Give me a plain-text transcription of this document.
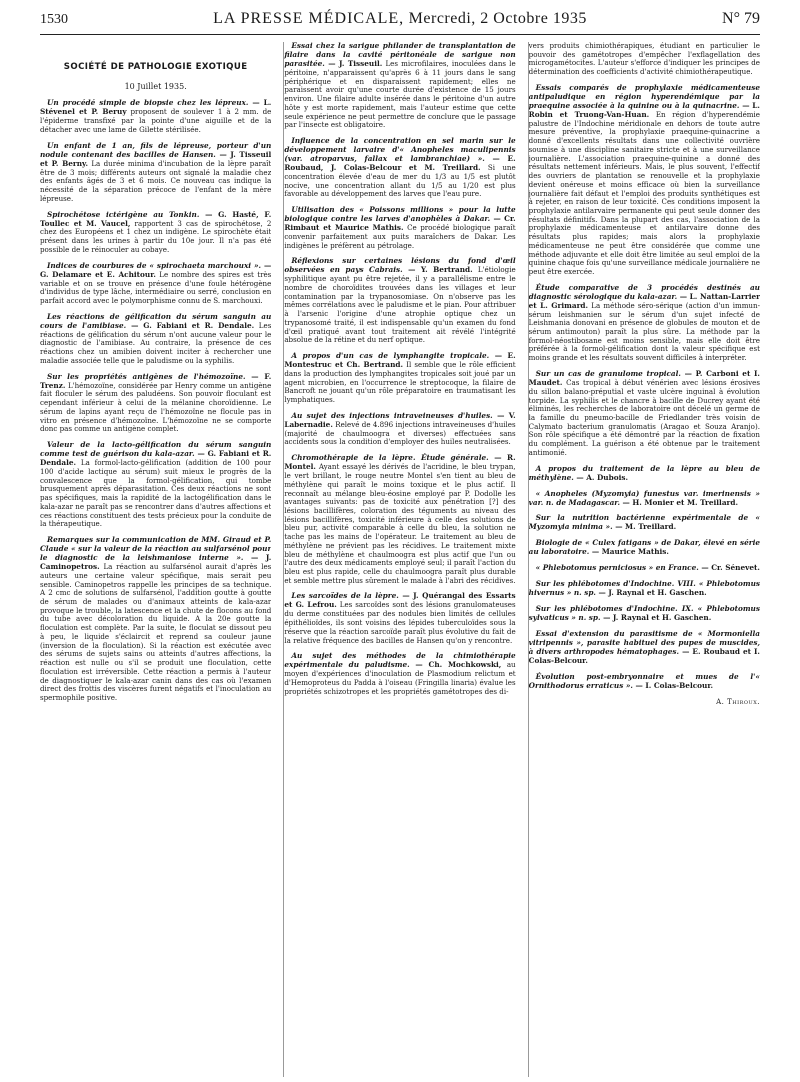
1530	LA PRESSE MÉDICALE, Mercredi, 2 Octobre 1935	N° 79
SOCIÉTÉ DE PATHOLOGIE EXOTIQUE
10 Juillet 1935.

Un procédé simple de biopsie chez les lépreux. — L. Stévenel et P. Beruy proposent de soulever 1 à 2 mm. de l'épiderme transfixé par la pointe d'une aiguille et de la détacher avec une lame de Gilette stérilisée.

Un enfant de 1 an, fils de lépreuse, porteur d'un nodule contenant des bacilles de Hansen. — J. Tisseuil et P. Berny. La durée minima d'incubation de la lèpre paraît être de 3 mois; différents auteurs ont signalé la maladie chez des enfants âgés de 3 et 6 mois. Ce nouveau cas indique la nécessité de la séparation précoce de l'enfant de la mère lépreuse.

Spirochétose ictérigène au Tonkin. — G. Hasté, F. Toullec et M. Vaucel, rapportent 3 cas de spirochétose, 2 chez des Européens et 1 chez un indigène. Le spirochète était présent dans les urines à partir du 10e jour. Il n'a pas été possible de le réinoculer au cobaye.

Indices de courbures de « spirochaeta marchouxi ». — G. Delamare et E. Achitour. Le nombre des spires est très variable et on se trouve en présence d'une foule hétérogène d'individus de type lâche, intermédiaire ou serré, conclusion en parfait accord avec le polymorphisme connu de S. marchouxi.

Les réactions de gélification du sérum sanguin au cours de l'amibiase. — G. Fabiani et R. Dendale. Les réactions de gélification du sérum n'ont aucune valeur pour le diagnostic de l'amibiase. Au contraire, la présence de ces réactions chez un amibien doivent inciter à rechercher une maladie associée telle que le paludisme ou la syphilis.

Sur les propriétés antigènes de l'hémozoïne. — F. Trenz. L'hémozoïne, considérée par Henry comme un antigène fait floculer le sérum des paludéens. Son pouvoir floculant est cependant inférieur à celui de la mélanine choroïdienne. Le sérum de lapins ayant reçu de l'hémozoïne ne flocule pas in vitro en présence d'hémozoïne. L'hémozoïne ne se comporte donc pas comme un antigène complet.

Valeur de la lacto-gélification du sérum sanguin comme test de guérison du kala-azar. — G. Fabiani et R. Dendale. La formol-lacto-gélification (addition de 100 pour 100 d'acide lactique au sérum) suit mieux le progrès de la convalescence que la formol-gélification, qui tombe brusquement après déparasitation. Ces deux réactions ne sont pas spécifiques, mais la rapidité de la lactogélification dans le kala-azar ne paraît pas se rencontrer dans d'autres affections et ces réactions constituent des tests précieux pour la conduite de la thérapeutique.

Remarques sur la communication de MM. Giraud et P. Claude « sur la valeur de la réaction au sulfarsénol pour le diagnostic de la leishmaniose interne ». — J. Caminopetros. La réaction au sulfarsénol aurait d'après les auteurs une certaine valeur spécifique, mais serait peu sensible. Caminopetros rappelle les principes de sa technique. A 2 cmc de solutions de sulfarsénol, l'addition goutte à goutte de sérum de malades ou d'animaux atteints de kala-azar provoque le trouble, la latescence et la chute de flocons au fond du tube avec décoloration du liquide. A la 20e goutte la floculation est complète. Par la suite, le floculat se dissout peu à peu, le liquide s'éclaircit et reprend sa couleur jaune (inversion de la floculation). Si la réaction est exécutée avec des sérums de sujets sains ou atteints d'autres affections, la réaction est nulle ou s'il se produit une floculation, cette floculation est irréversible. Cette réaction a permis à l'auteur de diagnostiquer le kala-azar canin dans des cas où l'examen direct des frottis des viscères furent négatifs et l'inoculation au spermophile positive.

Essai chez la sarigue philander de transplantation de filaire dans la cavité péritonéale de sarigue non parasitée. — J. Tisseuil. Les microfilaires, inoculées dans le péritoine, n'apparaissent qu'après 6 à 11 jours dans le sang périphérique et en disparaissent rapidement; elles ne paraissent avoir qu'une courte durée d'existence de 15 jours environ. Une filaire adulte insérée dans le péritoine d'un autre hôte y est morte rapidement, mais l'auteur estime que cette seule expérience ne peut permettre de conclure que le passage par l'insecte est obligatoire.

Influence de la concentration en sel marin sur le développement larvaire d'« Anopheles maculipennis (var. atroparvus, fallax et lambranchiae) ». — E. Roubaud, J. Colas-Belcour et M. Treillard. Si une concentration élevée d'eau de mer du 1/3 au 1/5 est plutôt nocive, une concentration allant du 1/5 au 1/20 est plus favorable au développement des larves que l'eau pure.

Utilisation des « Poissons millions » pour la lutte biologique contre les larves d'anophèles à Dakar. — Cr. Rimbaut et Maurice Mathis. Ce procédé biologique paraît convenir parfaitement aux puits maraîchers de Dakar. Les indigènes le préfèrent au pétrolage.

Réflexions sur certaines lésions du fond d'œil observées en pays Cabrais. — Y. Bertrand. L'étiologie syphilitique ayant pu être rejetée, il y a parallélisme entre le nombre de choroïdites trouvées dans les villages et leur contamination par la trypanosomiase. On n'observe pas les mêmes corrélations avec le paludisme et le pian. Pour attribuer à l'arsenic l'origine d'une atrophie optique chez un trypanosomé traité, il est indispensable qu'un examen du fond d'œil pratiqué avant tout traitement ait révélé l'intégrité absolue de la rétine et du nerf optique.

A propos d'un cas de lymphangite tropicale. — E. Montestruc et Ch. Bertrand. Il semble que le rôle efficient dans la production des lymphangites tropicales soit joué par un agent microbien, en l'occurrence le streptocoque, la filaire de Bancroft ne jouant qu'un rôle préparatoire en traumatisant les lymphatiques.

Au sujet des injections intraveineuses d'huiles. — V. Labernadie. Relevé de 4.896 injections intraveineuses d'huiles (majorité de chaulmoogra et diverses) effectuées sans accidents sous la condition d'employer des huiles neutralisées.

Chromothérapie de la lèpre. Étude générale. — R. Montel. Ayant essayé les dérivés de l'acridine, le bleu trypan, le vert brillant, le rouge neutre Montel s'en tient au bleu de méthylène qui paraît le moins toxique et le plus actif. Il reconnaît au mélange bleu-éosine employé par P. Dodolle les avantages suivants: pas de toxicité aux pénétration [?] des lésions bacillifères, coloration des téguments au niveau des lésions bacillifères, toxicité inférieure à celle des solutions de bleu pur, activité comparable à celle du bleu, la solution ne tache pas les mains de l'opérateur. Le traitement au bleu de méthylène ne prévient pas les récidives. Le traitement mixte bleu de méthylène et chaulmoogra est plus actif que l'un ou l'autre des deux médicaments employé seul; il paraît l'action du bleu est plus rapide, celle du chaulmoogra paraît plus durable et semble mettre plus sûrement le malade à l'abri des récidives.

Les sarcoïdes de la lèpre. — J. Quérangal des Essarts et G. Lefrou. Les sarcoïdes sont des lésions granulomateuses du derme constituées par des nodules bien limités de cellules épithélioïdes, ils sont voisins des lépides tuberculoïdes sous la réserve que la réaction sarcoïde paraît plus évolutive du fait de la relative fréquence des bacilles de Hansen qu'on y rencontre.

Au sujet des méthodes de la chimiothérapie expérimentale du paludisme. — Ch. Mochkowski, au moyen d'expériences d'inoculation de Plasmodium relictum et d'Hemoproteus du Padda à l'oiseau (Fringilla linaria) évalue les propriétés schizotropes et les propriétés gamétotropes des di-

vers produits chimiothérapiques, étudiant en particulier le pouvoir des gamétotropes d'empêcher l'exflagellation des microgamétocites. L'auteur s'efforce d'indiquer les principes de détermination des coefficients d'activité chimiothérapeutique.

Essais comparés de prophylaxie médicamenteuse antipaludique en région hyperendémique par la praequine associée à la quinine ou à la quinacrine. — L. Robin et Truong-Van-Huan. En région d'hyperendémie palustre de l'Indochine méridionale en dehors de toute autre mesure préventive, la prophylaxie praequine-quinacrine a donné d'excellents résultats dans une collectivité ouvrière soumise à une discipline sanitaire stricte et à une surveillance journalière. L'association praequine-quinine a donné des résultats nettement inférieurs. Mais, le plus souvent, l'effectif des ouvriers de plantation se renouvelle et la prophylaxie devient onéreuse et moins efficace où bien la surveillance journalière fait défaut et l'emploi des produits synthétiques est à rejeter, en raison de leur toxicité. Ces conditions imposent la prophylaxie antilarvaire permanente qui peut seule donner des résultats définitifs. Dans la plupart des cas, l'association de la prophylaxie médicamenteuse et antilarvaire donne des résultats plus rapides; mais alors la prophylaxie médicamenteuse ne peut être considérée que comme une méthode adjuvante et elle doit être limitée au seul emploi de la quinine chaque fois qu'une surveillance médicale journalière ne peut être exercée.

Étude comparative de 3 procédés destinés au diagnostic sérologique du kala-azar. — L. Nattan-Larrier et L. Grimard. La méthode séro-sérique (action d'un immun-sérum leishmanien sur le sérum d'un sujet infecté de Leishmania donovani en présence de globules de mouton et de sérum antimouton) paraît la plus sûre. La méthode par la formol-néostibosane est moins sensible, mais elle doit être préférée à la formol-gélification dont la valeur spécifique est moins grande et les résultats souvent difficiles à interpréter.

Sur un cas de granulome tropical. — P. Carboni et I. Maudet. Cas tropical à début vénérien avec lésions érosives du sillon balano-préputial et vaste ulcère inguinal à évolution torpide. La syphilis et le chancre à bacille de Ducrey ayant été éliminés, les recherches de laboratoire ont décelé un germe de la famille du pneumo-bacille de Friedlander très voisin de Calymato bacterium granulomatis (Aragao et Souza Aranjo). Son rôle spécifique a été démontré par la réaction de fixation du complément. La guérison a été obtenue par le traitement antimonié.

A propos du traitement de la lèpre au bleu de méthylène. — A. Dubois.

« Anopheles (Myzomyia) funestus var. imerinensis » var. n. de Madagascar. — H. Monier et M. Treillard.

Sur la nutrition bactérienne expérimentale de « Myzomyia minima ». — M. Treillard.

Biologie de « Culex fatigans » de Dakar, élevé en série au laboratoire. — Maurice Mathis.

« Phlebotomus perniciosus » en France. — Cr. Sénevet.

Sur les phlébotomes d'Indochine. VIII. « Phlebotomus hivernus » n. sp. — J. Raynal et H. Gaschen.

Sur les phlébotomes d'Indochine. IX. « Phlebotomus sylvaticus » n. sp. — J. Raynal et H. Gaschen.

Essai d'extension du parasitisme de « Mormoniella vitripennis », parasite habituel des pupes de muscides, à divers arthropodes hématophages. — E. Roubaud et I. Colas-Belcour.

Évolution post-embryonnaire et mues de l'« Ornithodorus erraticus ». — I. Colas-Belcour.

A. Thiroux.
